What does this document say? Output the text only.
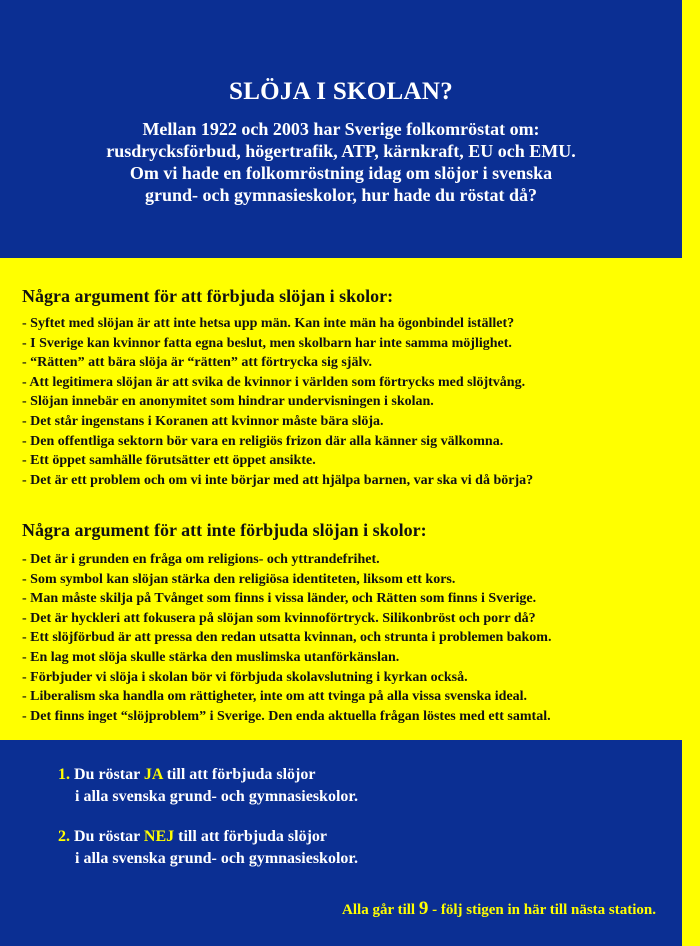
SLÖJA I SKOLAN?
Mellan 1922 och 2003 har Sverige folkomröstat om:
rusdrycksförbud, högertrafik, ATP, kärnkraft, EU och EMU.
Om vi hade en folkomröstning idag om slöjor i svenska
grund- och gymnasieskolor, hur hade du röstat då?
Några argument för att förbjuda slöjan i skolor:
- Syftet med slöjan är att inte hetsa upp män. Kan inte män ha ögonbindel istället?
- I Sverige kan kvinnor fatta egna beslut, men skolbarn har inte samma möjlighet.
- “Rätten” att bära slöja är “rätten” att förtrycka sig själv.
- Att legitimera slöjan är att svika de kvinnor i världen som förtrycks med slöjtvång.
- Slöjan innebär en anonymitet som hindrar undervisningen i skolan.
- Det står ingenstans i Koranen att kvinnor måste bära slöja.
- Den offentliga sektorn bör vara en religiös frizon där alla känner sig välkomna.
- Ett öppet samhälle förutsätter ett öppet ansikte.
- Det är ett problem och om vi inte börjar med att hjälpa barnen, var ska vi då börja?
Några argument för att inte förbjuda slöjan i skolor:
- Det är i grunden en fråga om religions- och yttrandefrihet.
- Som symbol kan slöjan stärka den religiösa identiteten, liksom ett kors.
- Man måste skilja på Tvånget som finns i vissa länder, och Rätten som finns i Sverige.
- Det är hyckleri att fokusera på slöjan som kvinnoförtryck. Silikonbröst och porr då?
- Ett slöjförbud är att pressa den redan utsatta kvinnan, och strunta i problemen bakom.
- En lag mot slöja skulle stärka den muslimska utanförkänslan.
- Förbjuder vi slöja i skolan bör vi förbjuda skolavslutning i kyrkan också.
- Liberalism ska handla om rättigheter, inte om att tvinga på alla vissa svenska ideal.
- Det finns inget “slöjproblem” i Sverige. Den enda aktuella frågan löstes med ett samtal.
1. Du röstar JA till att förbjuda slöjor
i alla svenska grund- och gymnasieskolor.
2. Du röstar NEJ till att förbjuda slöjor
i alla svenska grund- och gymnasieskolor.
Alla går till 9 - följ stigen in här till nästa station.
